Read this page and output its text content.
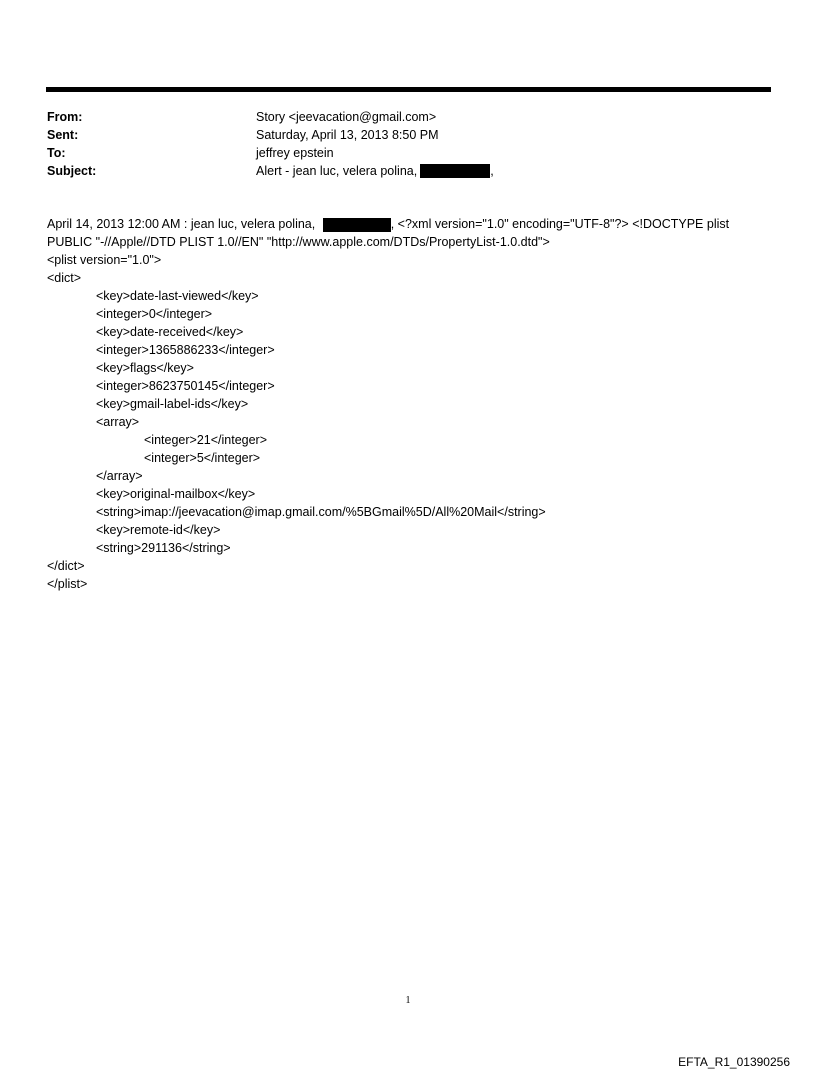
From:	Story <jeevacation@gmail.com>
Sent:	Saturday, April 13, 2013 8:50 PM
To:	jeffrey epstein
Subject:	Alert - jean luc, velera polina,	,
April 14, 2013 12:00 AM : jean luc, velera polina,	, <?xml version="1.0" encoding="UTF-8"?> <!DOCTYPE plist
PUBLIC "-//Apple//DTD PLIST 1.0//EN" "http://www.apple.com/DTDs/PropertyList-1.0.dtd">
<plist version="1.0">
<dict>
<key>date-last-viewed</key>
<integer>0</integer>
<key>date-received</key>
<integer>1365886233</integer>
<key>flags</key>
<integer>8623750145</integer>
<key>gmail-label-ids</key>
<array>
<integer>21</integer>
<integer>5</integer>
</array>
<key>original-mailbox</key>
<string>imap://jeevacation@imap.gmail.com/%5BGmail%5D/All%20Mail</string>
<key>remote-id</key>
<string>291136</string>
</dict>
</plist>
1
EFTA_R1_01390256
